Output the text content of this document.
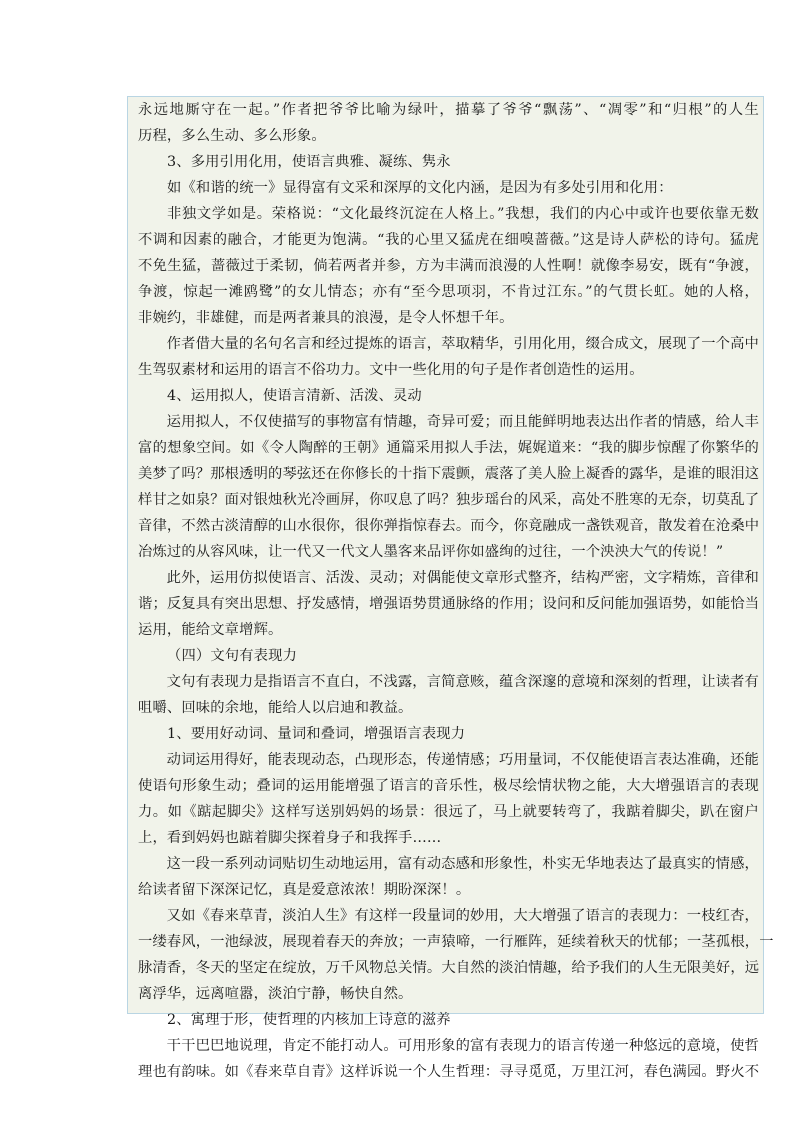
永远地厮守在一起。”作者把爷爷比喻为绿叶，描摹了爷爷“飘荡”、“凋零”和“归根”的人生
历程，多么生动、多么形象。
3、多用引用化用，使语言典雅、凝练、隽永
如《和谐的统一》显得富有文采和深厚的文化内涵，是因为有多处引用和化用：
非独文学如是。荣格说：“文化最终沉淀在人格上。”我想，我们的内心中或许也要依靠无数
不调和因素的融合，才能更为饱满。“我的心里又猛虎在细嗅蔷薇。”这是诗人萨松的诗句。猛虎
不免生猛，蔷薇过于柔韧，倘若两者并参，方为丰满而浪漫的人性啊！就像李易安，既有“争渡，
争渡，惊起一滩鸥鹭”的女儿情态；亦有“至今思项羽，不肯过江东。”的气贯长虹。她的人格，
非婉约，非雄健，而是两者兼具的浪漫，是令人怀想千年。
作者借大量的名句名言和经过提炼的语言，萃取精华，引用化用，缀合成文，展现了一个高中
生驾驭素材和运用的语言不俗功力。文中一些化用的句子是作者创造性的运用。
4、运用拟人，使语言清新、活泼、灵动
运用拟人，不仅使描写的事物富有情趣，奇异可爱；而且能鲜明地表达出作者的情感，给人丰
富的想象空间。如《令人陶醉的王朝》通篇采用拟人手法，娓娓道来：“我的脚步惊醒了你繁华的
美梦了吗？那根透明的琴弦还在你修长的十指下震颤，震落了美人脸上凝香的露华，是谁的眼泪这
样甘之如泉？面对银烛秋光冷画屏，你叹息了吗？独步瑶台的风采，高处不胜寒的无奈，切莫乱了
音律，不然古淡清醇的山水很你，很你弹指惊春去。而今，你竟融成一盏铁观音，散发着在沧桑中
冶炼过的从容风味，让一代又一代文人墨客来品评你如盛绚的过往，一个泱泱大气的传说！”
此外，运用仿拟使语言、活泼、灵动；对偶能使文章形式整齐，结构严密，文字精炼，音律和
谐；反复具有突出思想、抒发感情，增强语势贯通脉络的作用；设问和反问能加强语势，如能恰当
运用，能给文章增辉。
（四）文句有表现力
文句有表现力是指语言不直白，不浅露，言简意赅，蕴含深邃的意境和深刻的哲理，让读者有
咀嚼、回味的余地，能给人以启迪和教益。
1、要用好动词、量词和叠词，增强语言表现力
动词运用得好，能表现动态，凸现形态，传递情感；巧用量词，不仅能使语言表达准确，还能
使语句形象生动；叠词的运用能增强了语言的音乐性，极尽绘情状物之能，大大增强语言的表现
力。如《踮起脚尖》这样写送别妈妈的场景：很远了，马上就要转弯了，我踮着脚尖，趴在窗户
上，看到妈妈也踮着脚尖探着身子和我挥手……
这一段一系列动词贴切生动地运用，富有动态感和形象性，朴实无华地表达了最真实的情感，
给读者留下深深记忆，真是爱意浓浓！期盼深深！。
又如《春来草青，淡泊人生》有这样一段量词的妙用，大大增强了语言的表现力：一枝红杏，
一缕春风，一池绿波，展现着春天的奔放；一声猿啼，一行雁阵，延续着秋天的忧郁；一茎孤根，一
脉清香，冬天的坚定在绽放，万千风物总关情。大自然的淡泊情趣，给予我们的人生无限美好，远
离浮华，远离喧嚣，淡泊宁静，畅快自然。
2、寓理于形，使哲理的内核加上诗意的滋养
干干巴巴地说理，肯定不能打动人。可用形象的富有表现力的语言传递一种悠远的意境，使哲
理也有韵味。如《春来草自青》这样诉说一个人生哲理：寻寻觅觅，万里江河，春色满园。野火不
